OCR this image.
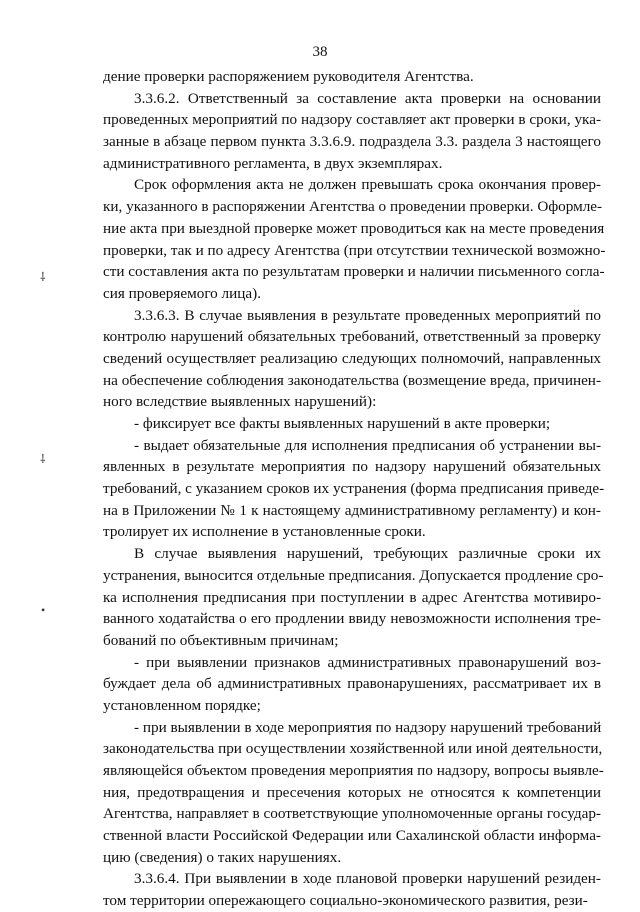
38
дение проверки распоряжением руководителя Агентства.
3.3.6.2. Ответственный за составление акта проверки на основании
проведенных мероприятий по надзору составляет акт проверки в сроки, ука-
занные в абзаце первом пункта 3.3.6.9. подраздела 3.3. раздела 3 настоящего
административного регламента, в двух экземплярах.
Срок оформления акта не должен превышать срока окончания провер-
ки, указанного в распоряжении Агентства о проведении проверки. Оформле-
ние акта при выездной проверке может проводиться как на месте проведения
проверки, так и по адресу Агентства (при отсутствии технической возможно-
сти составления акта по результатам проверки и наличии письменного согла-
сия проверяемого лица).
3.3.6.3. В случае выявления в результате проведенных мероприятий по
контролю нарушений обязательных требований, ответственный за проверку
сведений осуществляет реализацию следующих полномочий, направленных
на обеспечение соблюдения законодательства (возмещение вреда, причинен-
ного вследствие выявленных нарушений):
- фиксирует все факты выявленных нарушений в акте проверки;
- выдает обязательные для исполнения предписания об устранении вы-
явленных в результате мероприятия по надзору нарушений обязательных
требований, с указанием сроков их устранения (форма предписания приведе-
на в Приложении № 1 к настоящему административному регламенту) и кон-
тролирует их исполнение в установленные сроки.
В случае выявления нарушений, требующих различные сроки их
устранения, выносится отдельные предписания. Допускается продление сро-
ка исполнения предписания при поступлении в адрес Агентства мотивиро-
ванного ходатайства о его продлении ввиду невозможности исполнения тре-
бований по объективным причинам;
- при выявлении признаков административных правонарушений воз-
буждает дела об административных правонарушениях, рассматривает их в
установленном порядке;
- при выявлении в ходе мероприятия по надзору нарушений требований
законодательства при осуществлении хозяйственной или иной деятельности,
являющейся объектом проведения мероприятия по надзору, вопросы выявле-
ния, предотвращения и пресечения которых не относятся к компетенции
Агентства, направляет в соответствующие уполномоченные органы государ-
ственной власти Российской Федерации или Сахалинской области информа-
цию (сведения) о таких нарушениях.
3.3.6.4. При выявлении в ходе плановой проверки нарушений резиден-
том территории опережающего социально-экономического развития, рези-
⸸
⸸
•
